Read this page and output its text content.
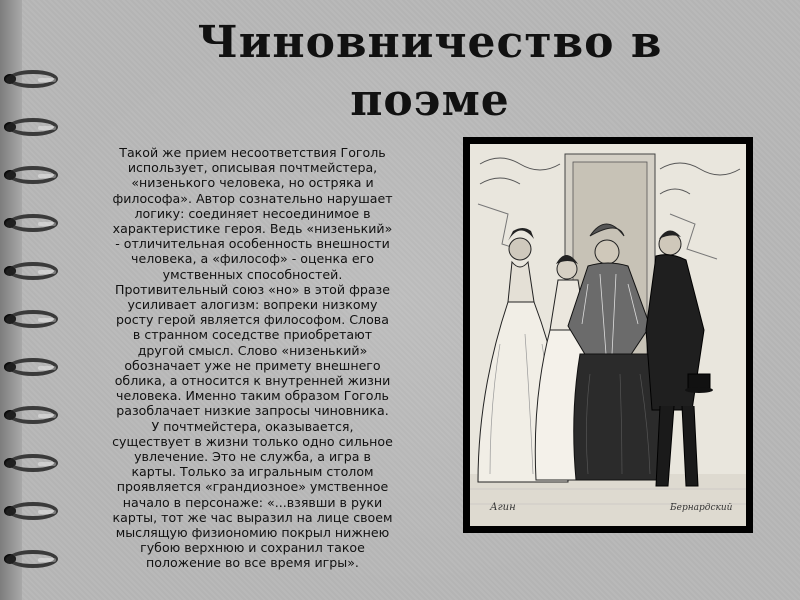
Чиновничество в
поэме

Такой же прием несоответствия Гоголь
использует, описывая почтмейстера,
«низенького человека, но остряка и
философа». Автор сознательно нарушает
логику: соединяет несоединимое в
характеристике героя. Ведь «низенький»
- отличительная особенность внешности
человека, а «философ» - оценка его
умственных способностей.
Противительный союз «но» в этой фразе
усиливает алогизм: вопреки низкому
росту герой является философом. Слова
в странном соседстве приобретают
другой смысл. Слово «низенький»
обозначает уже не примету внешнего
облика, а относится к внутренней жизни
человека. Именно таким образом Гоголь
разоблачает низкие запросы чиновника.
У почтмейстера, оказывается,
существует в жизни только одно сильное
увлечение. Это не служба, а игра в
карты. Только за игральным столом
проявляется «грандиозное» умственное
начало в персонаже: «...взявши в руки
карты, тот же час выразил на лице своем
мыслящую физиономию покрыл нижнею
губою верхнюю и сохранил такое
положение во все время игры».

Агин	Бернардский
